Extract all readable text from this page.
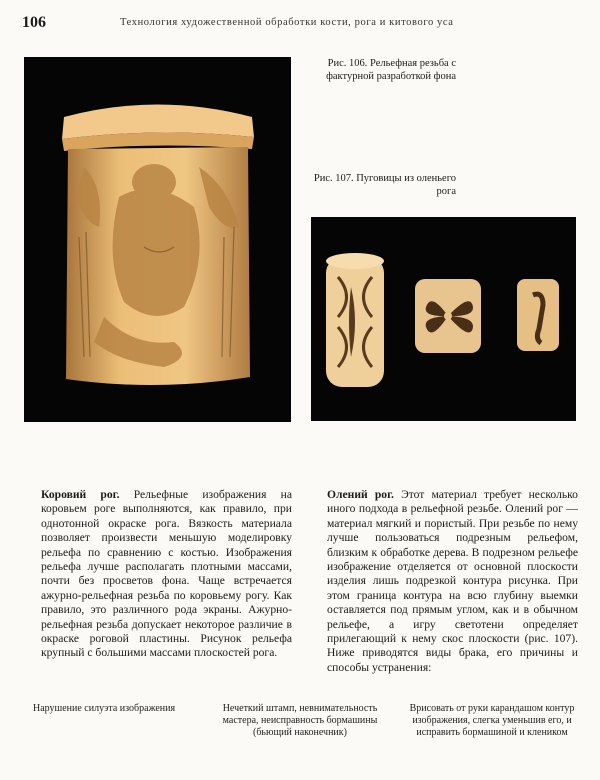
106	Технология художественной обработки кости, рога и китового уса
Рис. 106. Рельефная резьба с фактурной разработкой фона
Рис. 107. Пуговицы из оленьего рога
Коровий рог. Рельефные изображения на коровьем роге выполняются, как правило, при однотонной окраске рога. Вязкость материала позволяет произвести меньшую моделировку рельефа по сравнению с костью. Изображения рельефа лучше располагать плотными массами, почти без просветов фона. Чаще встречается ажурно-рельефная резьба по коровьему рогу. Как правило, это различного рода экраны. Ажурно-рельефная резьба допускает некоторое различие в окраске роговой пластины. Рисунок рельефа крупный с большими массами плоскостей рога.
Олений рог. Этот материал требует несколько иного подхода в рельефной резьбе. Олений рог — материал мягкий и пористый. При резьбе по нему лучше пользоваться подрезным рельефом, близким к обработке дерева. В подрезном рельефе изображение отделяется от основной плоскости изделия лишь подрезкой контура рисунка. При этом граница контура на всю глубину выемки оставляется под прямым углом, как и в обычном рельефе, а игру светотени определяет прилегающий к нему скос плоскости (рис. 107). Ниже приводятся виды брака, его причины и способы устранения:
Нарушение силуэта изображения	Нечеткий штамп, невнимательность мастера, неисправность бормашины (бьющий наконечник)
Врисовать от руки карандашом контур изображения, слегка уменьшив его, и исправить бормашиной и клеником
